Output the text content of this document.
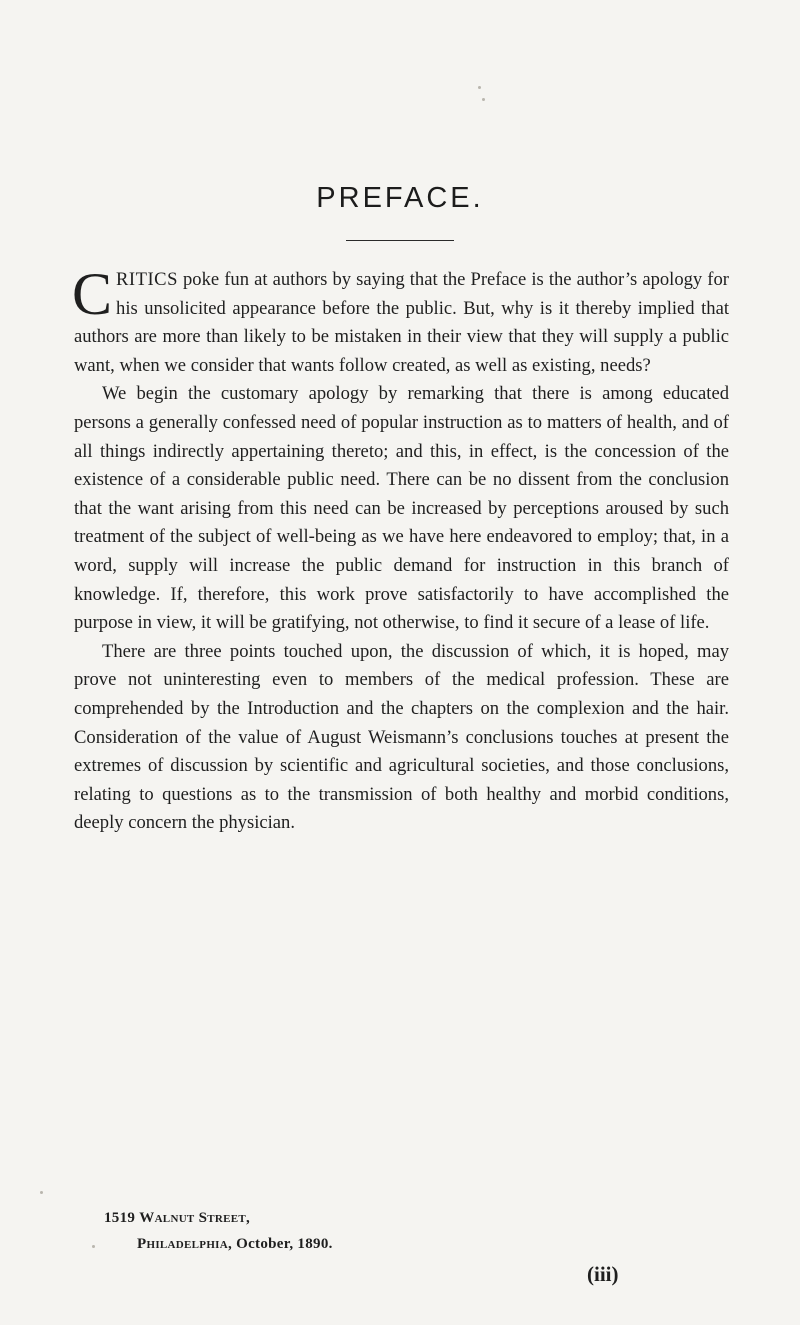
PREFACE.

CRITICS poke fun at authors by saying that the Preface is the author’s apology for his unsolicited appearance before the public. But, why is it thereby implied that authors are more than likely to be mistaken in their view that they will supply a public want, when we consider that wants follow created, as well as existing, needs?

We begin the customary apology by remarking that there is among educated persons a generally confessed need of popular instruction as to matters of health, and of all things indirectly appertaining thereto; and this, in effect, is the concession of the existence of a considerable public need. There can be no dissent from the conclusion that the want arising from this need can be increased by perceptions aroused by such treatment of the subject of well-being as we have here endeavored to employ; that, in a word, supply will increase the public demand for instruction in this branch of knowledge. If, therefore, this work prove satisfactorily to have accomplished the purpose in view, it will be gratifying, not otherwise, to find it secure of a lease of life.

There are three points touched upon, the discussion of which, it is hoped, may prove not uninteresting even to members of the medical profession. These are comprehended by the Introduction and the chapters on the complexion and the hair. Consideration of the value of August Weismann’s conclusions touches at present the extremes of discussion by scientific and agricultural societies, and those conclusions, relating to questions as to the transmission of both healthy and morbid conditions, deeply concern the physician.

1519 Walnut Street,
Philadelphia, October, 1890.
(iii)
